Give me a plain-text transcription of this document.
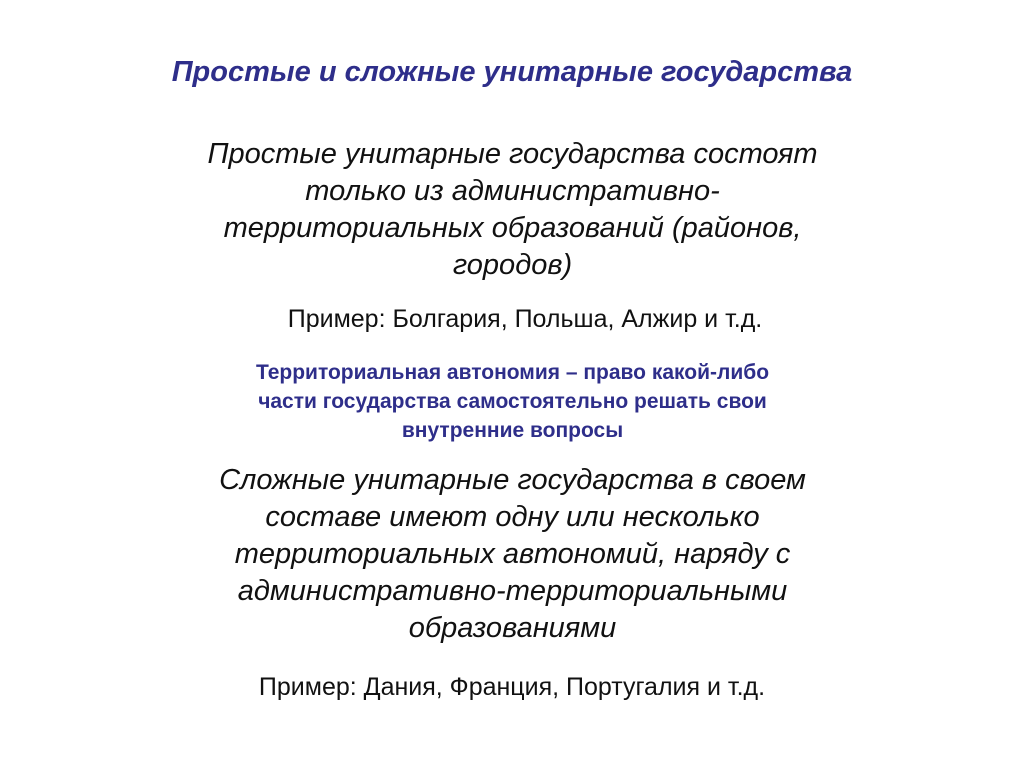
Простые и сложные унитарные государства
Простые унитарные государства состоят
только из административно-
территориальных образований (районов,
городов)
Пример: Болгария, Польша, Алжир и т.д.
Территориальная автономия – право какой-либо
части государства самостоятельно решать свои
внутренние вопросы
Сложные унитарные государства в своем
составе имеют одну или несколько
территориальных автономий, наряду с
административно-территориальными
образованиями
Пример: Дания, Франция, Португалия и т.д.
